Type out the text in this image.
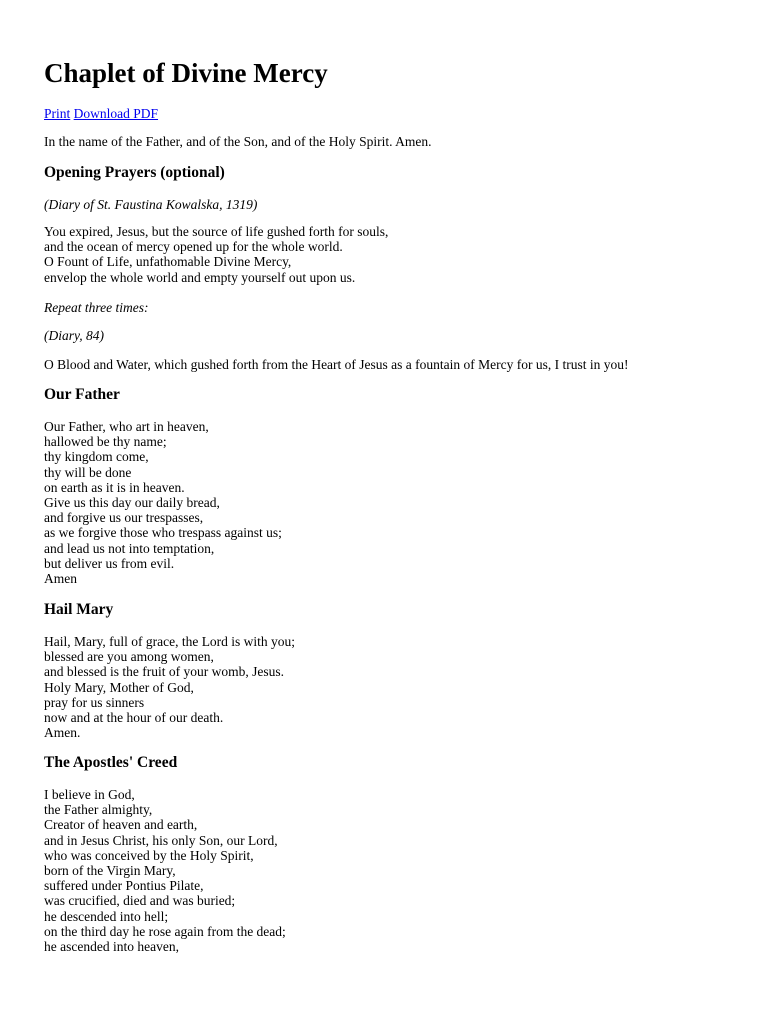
Chaplet of Divine Mercy
Print Download PDF

In the name of the Father, and of the Son, and of the Holy Spirit. Amen.

Opening Prayers (optional)

(Diary of St. Faustina Kowalska, 1319)

You expired, Jesus, but the source of life gushed forth for souls,
and the ocean of mercy opened up for the whole world.
O Fount of Life, unfathomable Divine Mercy,
envelop the whole world and empty yourself out upon us.

Repeat three times:

(Diary, 84)

O Blood and Water, which gushed forth from the Heart of Jesus as a fountain of Mercy for us, I trust in you!

Our Father

Our Father, who art in heaven,
hallowed be thy name;
thy kingdom come,
thy will be done
on earth as it is in heaven.
Give us this day our daily bread,
and forgive us our trespasses,
as we forgive those who trespass against us;
and lead us not into temptation,
but deliver us from evil.
Amen

Hail Mary

Hail, Mary, full of grace, the Lord is with you;
blessed are you among women,
and blessed is the fruit of your womb, Jesus.
Holy Mary, Mother of God,
pray for us sinners
now and at the hour of our death.
Amen.

The Apostles' Creed

I believe in God,
the Father almighty,
Creator of heaven and earth,
and in Jesus Christ, his only Son, our Lord,
who was conceived by the Holy Spirit,
born of the Virgin Mary,
suffered under Pontius Pilate,
was crucified, died and was buried;
he descended into hell;
on the third day he rose again from the dead;
he ascended into heaven,
